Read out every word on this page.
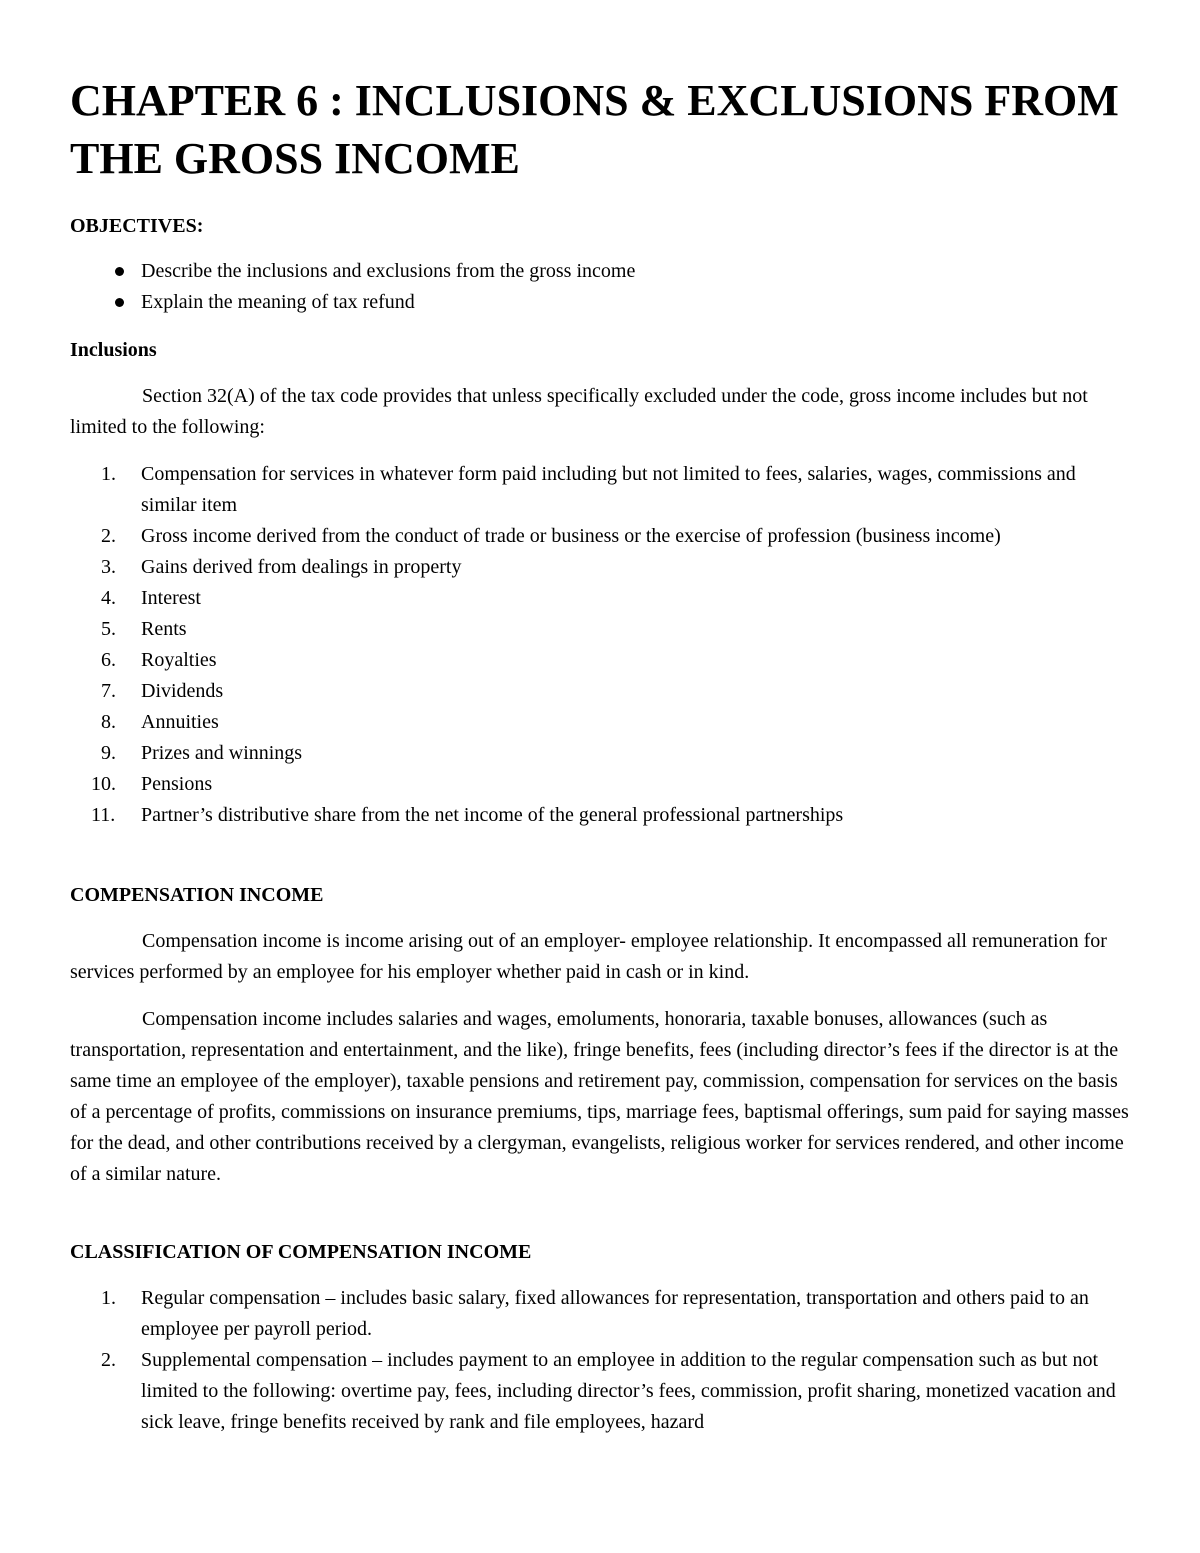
CHAPTER 6 : INCLUSIONS & EXCLUSIONS FROM THE GROSS INCOME

OBJECTIVES:

Describe the inclusions and exclusions from the gross income
Explain the meaning of tax refund

Inclusions

Section 32(A) of the tax code provides that unless specifically excluded under the code, gross income includes but not limited to the following:

1.	Compensation for services in whatever form paid including but not limited to fees, salaries, wages, commissions and similar item
2.	Gross income derived from the conduct of trade or business or the exercise of profession (business income)
3.	Gains derived from dealings in property
4.	Interest
5.	Rents
6.	Royalties
7.	Dividends
8.	Annuities
9.	Prizes and winnings
10.	Pensions
11.	Partner’s distributive share from the net income of the general professional partnerships

COMPENSATION INCOME

Compensation income is income arising out of an employer- employee relationship. It encompassed all remuneration for services performed by an employee for his employer whether paid in cash or in kind.

Compensation income includes salaries and wages, emoluments, honoraria, taxable bonuses, allowances (such as transportation, representation and entertainment, and the like), fringe benefits, fees (including director’s fees if the director is at the same time an employee of the employer), taxable pensions and retirement pay, commission, compensation for services on the basis of a percentage of profits, commissions on insurance premiums, tips, marriage fees, baptismal offerings, sum paid for saying masses for the dead, and other contributions received by a clergyman, evangelists, religious worker for services rendered, and other income of a similar nature.

CLASSIFICATION OF COMPENSATION INCOME

1.	Regular compensation – includes basic salary, fixed allowances for representation, transportation and others paid to an employee per payroll period.
2.	Supplemental compensation – includes payment to an employee in addition to the regular compensation such as but not limited to the following: overtime pay, fees, including director’s fees, commission, profit sharing, monetized vacation and sick leave, fringe benefits received by rank and file employees, hazard
